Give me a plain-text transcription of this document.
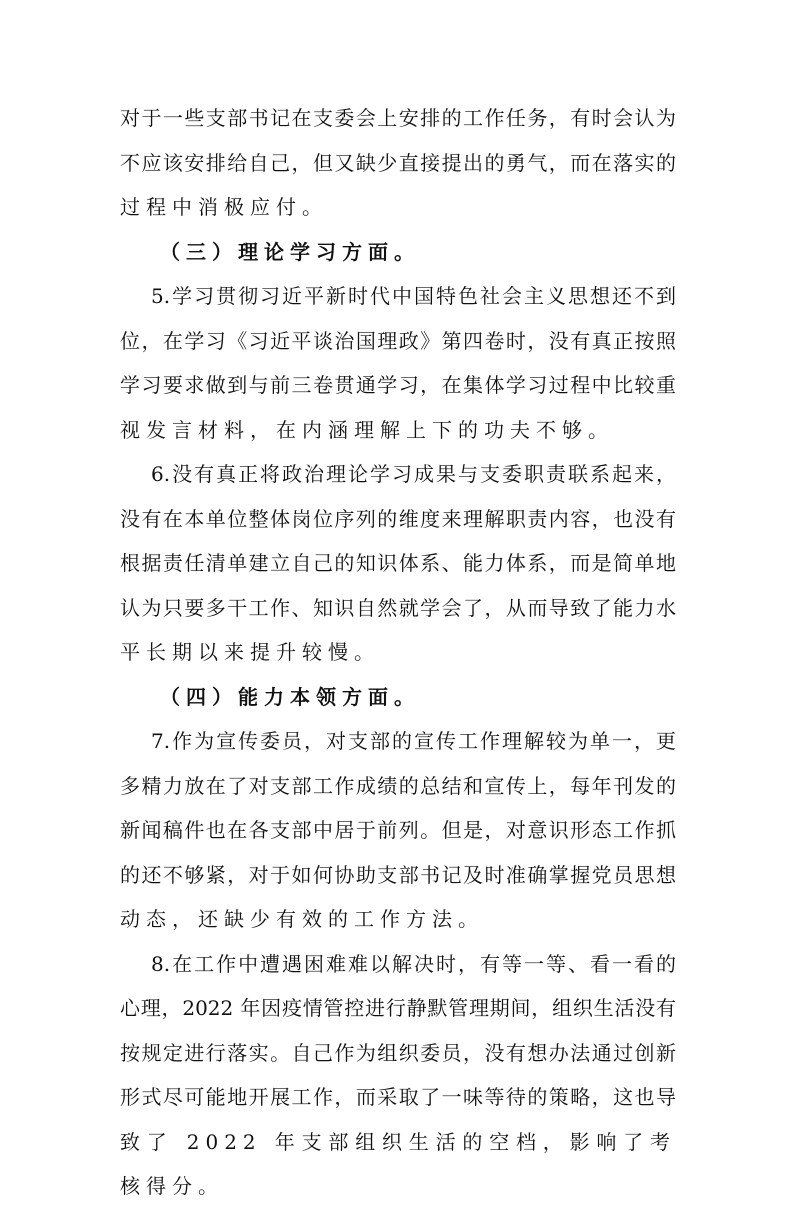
对于一些支部书记在支委会上安排的工作任务，有时会认为
不应该安排给自己，但又缺少直接提出的勇气，而在落实的
过程中消极应付。
（三）理论学习方面。
5.学习贯彻习近平新时代中国特色社会主义思想还不到
位，在学习《习近平谈治国理政》第四卷时，没有真正按照
学习要求做到与前三卷贯通学习，在集体学习过程中比较重
视发言材料，在内涵理解上下的功夫不够。
6.没有真正将政治理论学习成果与支委职责联系起来，
没有在本单位整体岗位序列的维度来理解职责内容，也没有
根据责任清单建立自己的知识体系、能力体系，而是简单地
认为只要多干工作、知识自然就学会了，从而导致了能力水
平长期以来提升较慢。
（四）能力本领方面。
7.作为宣传委员，对支部的宣传工作理解较为单一，更
多精力放在了对支部工作成绩的总结和宣传上，每年刊发的
新闻稿件也在各支部中居于前列。但是，对意识形态工作抓
的还不够紧，对于如何协助支部书记及时准确掌握党员思想
动态，还缺少有效的工作方法。
8.在工作中遭遇困难难以解决时，有等一等、看一看的
心理，2022 年因疫情管控进行静默管理期间，组织生活没有
按规定进行落实。自己作为组织委员，没有想办法通过创新
形式尽可能地开展工作，而采取了一味等待的策略，这也导
致了 2022 年支部组织生活的空档，影响了考核得分。
